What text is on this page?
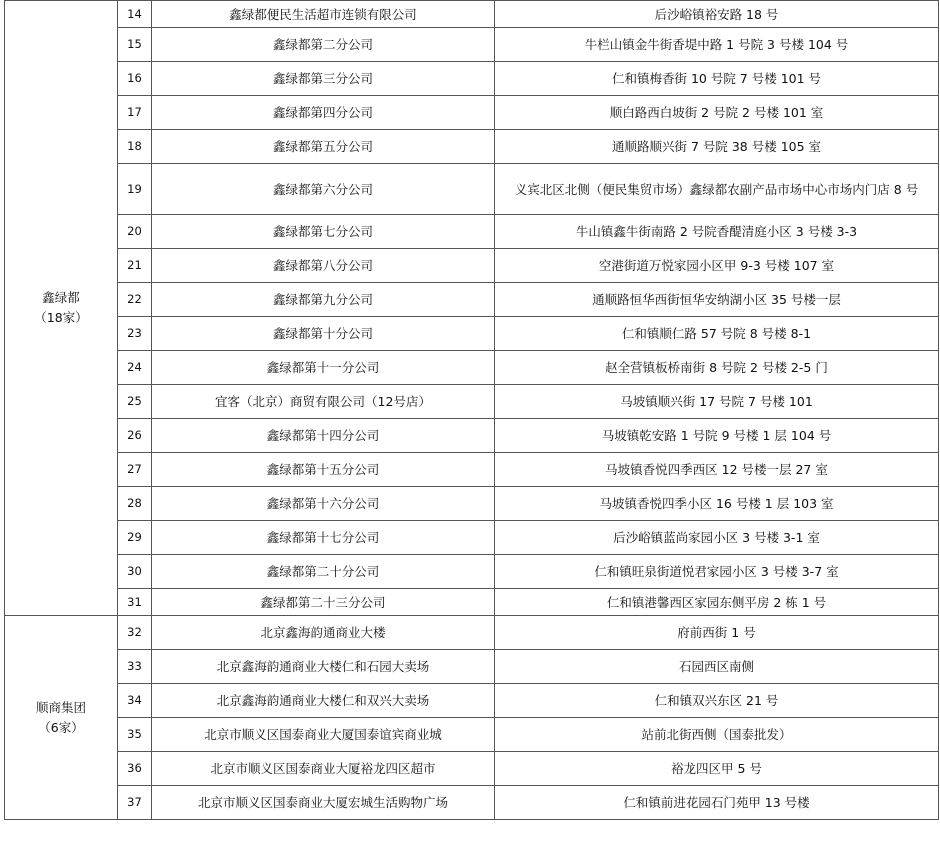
鑫绿都
（18家）	14	鑫绿都便民生活超市连锁有限公司	后沙峪镇裕安路 18 号
	15	鑫绿都第二分公司	牛栏山镇金牛街香堤中路 1 号院 3 号楼 104 号
	16	鑫绿都第三分公司	仁和镇梅香街 10 号院 7 号楼 101 号
	17	鑫绿都第四分公司	顺白路西白坡街 2 号院 2 号楼 101 室
	18	鑫绿都第五分公司	通顺路顺兴街 7 号院 38 号楼 105 室
	19	鑫绿都第六分公司	义宾北区北侧（便民集贸市场）鑫绿都农副产品市场中心市场内门店 8 号
	20	鑫绿都第七分公司	牛山镇鑫牛街南路 2 号院香醍清庭小区 3 号楼 3-3
	21	鑫绿都第八分公司	空港街道万悦家园小区甲 9-3 号楼 107 室
	22	鑫绿都第九分公司	通顺路恒华西街恒华安纳湖小区 35 号楼一层
	23	鑫绿都第十分公司	仁和镇顺仁路 57 号院 8 号楼 8-1
	24	鑫绿都第十一分公司	赵全营镇板桥南街 8 号院 2 号楼 2-5 门
	25	宜客（北京）商贸有限公司（12号店）	马坡镇顺兴街 17 号院 7 号楼 101
	26	鑫绿都第十四分公司	马坡镇乾安路 1 号院 9 号楼 1 层 104 号
	27	鑫绿都第十五分公司	马坡镇香悦四季西区 12 号楼一层 27 室
	28	鑫绿都第十六分公司	马坡镇香悦四季小区 16 号楼 1 层 103 室
	29	鑫绿都第十七分公司	后沙峪镇蓝尚家园小区 3 号楼 3-1 室
	30	鑫绿都第二十分公司	仁和镇旺泉街道悦君家园小区 3 号楼 3-7 室
	31	鑫绿都第二十三分公司	仁和镇港馨西区家园东侧平房 2 栋 1 号

顺商集团
（6家）	32	北京鑫海韵通商业大楼	府前西街 1 号
	33	北京鑫海韵通商业大楼仁和石园大卖场	石园西区南侧
	34	北京鑫海韵通商业大楼仁和双兴大卖场	仁和镇双兴东区 21 号
	35	北京市顺义区国泰商业大厦国泰谊宾商业城	站前北街西侧（国泰批发）
	36	北京市顺义区国泰商业大厦裕龙四区超市	裕龙四区甲 5 号
	37	北京市顺义区国泰商业大厦宏城生活购物广场	仁和镇前进花园石门苑甲 13 号楼
